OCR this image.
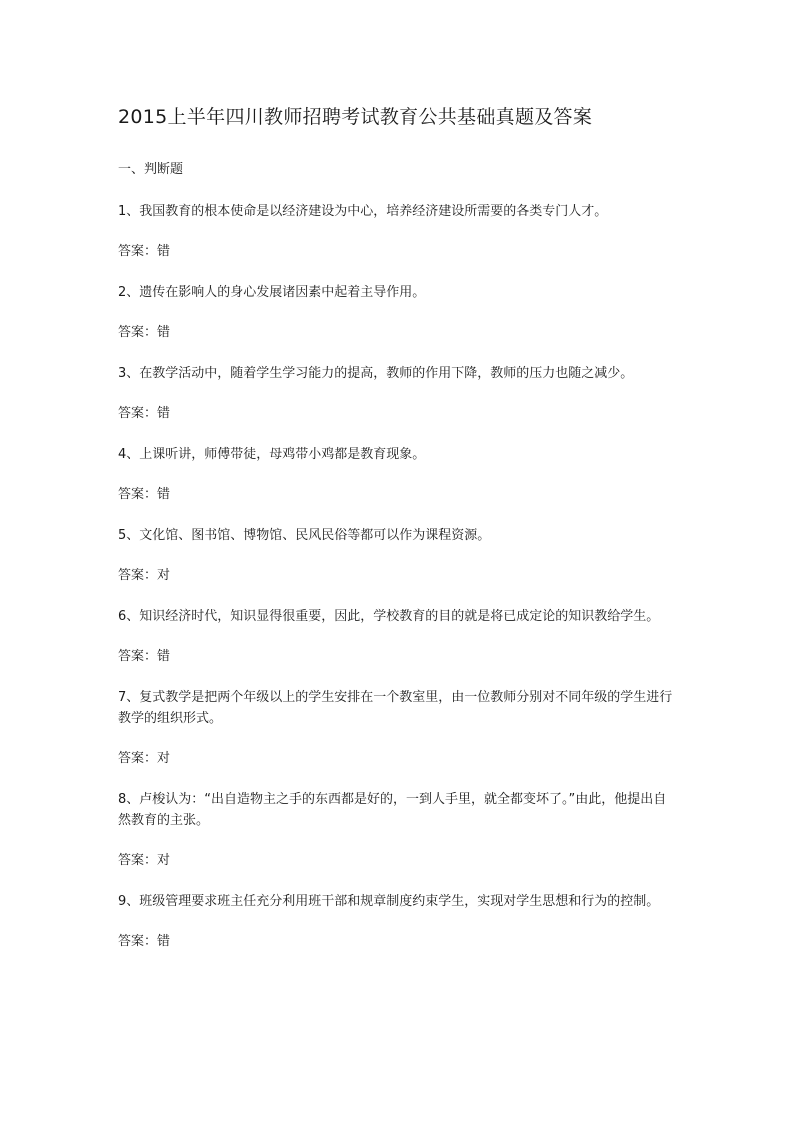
2015上半年四川教师招聘考试教育公共基础真题及答案
一、判断题

1、我国教育的根本使命是以经济建设为中心，培养经济建设所需要的各类专门人才。

答案：错

2、遗传在影响人的身心发展诸因素中起着主导作用。

答案：错

3、在教学活动中，随着学生学习能力的提高，教师的作用下降，教师的压力也随之减少。

答案：错

4、上课听讲，师傅带徒，母鸡带小鸡都是教育现象。

答案：错

5、文化馆、图书馆、博物馆、民风民俗等都可以作为课程资源。

答案：对

6、知识经济时代，知识显得很重要，因此，学校教育的目的就是将已成定论的知识教给学生。

答案：错

7、复式教学是把两个年级以上的学生安排在一个教室里，由一位教师分别对不同年级的学生进行教学的组织形式。

答案：对

8、卢梭认为：“出自造物主之手的东西都是好的，一到人手里，就全都变坏了。”由此，他提出自然教育的主张。

答案：对

9、班级管理要求班主任充分利用班干部和规章制度约束学生，实现对学生思想和行为的控制。

答案：错
